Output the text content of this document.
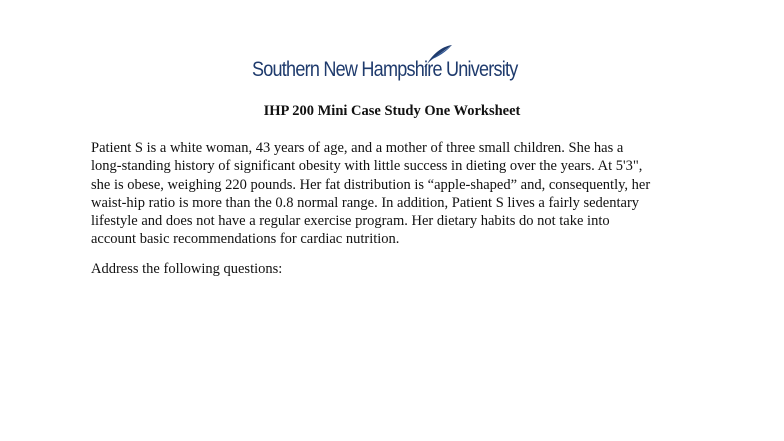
Southern New Hampshire University
IHP 200 Mini Case Study One Worksheet

Patient S is a white woman, 43 years of age, and a mother of three small children. She has a
long-standing history of significant obesity with little success in dieting over the years. At 5'3",
she is obese, weighing 220 pounds. Her fat distribution is “apple-shaped” and, consequently, her
waist-hip ratio is more than the 0.8 normal range. In addition, Patient S lives a fairly sedentary
lifestyle and does not have a regular exercise program. Her dietary habits do not take into
account basic recommendations for cardiac nutrition.

Address the following questions:
